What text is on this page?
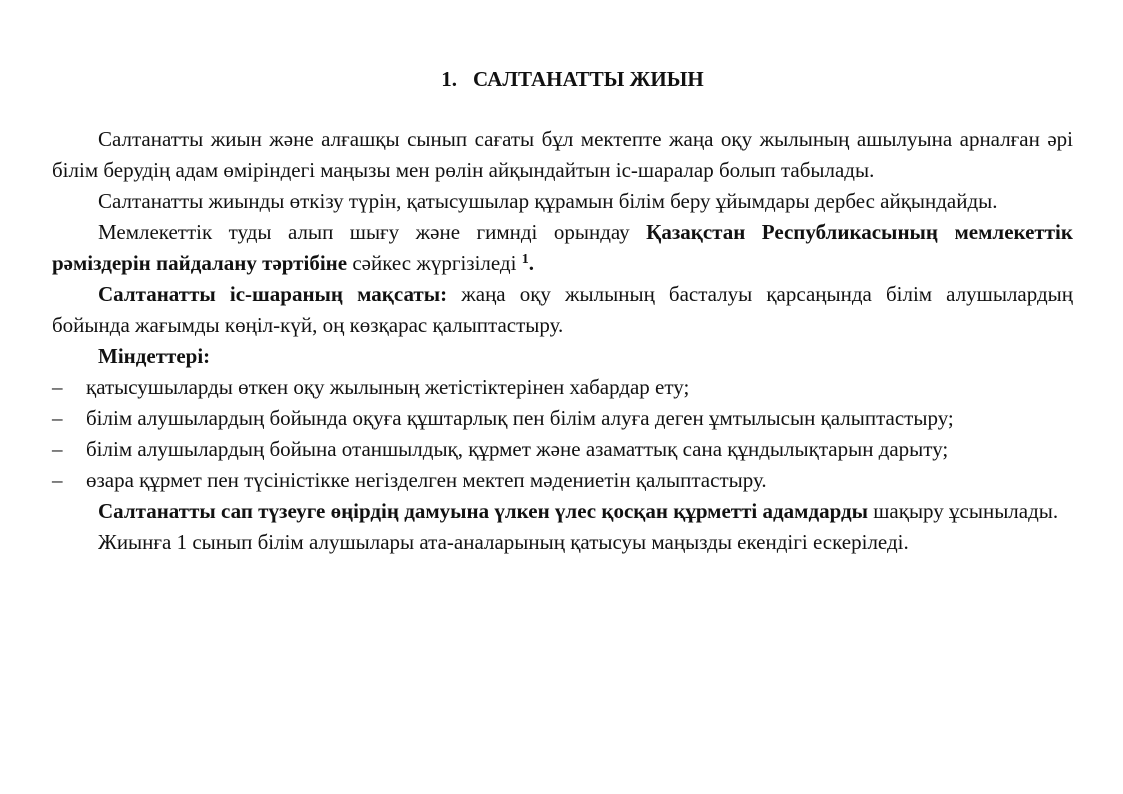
1. САЛТАНАТТЫ ЖИЫН

Салтанатты жиын және алғашқы сынып сағаты бұл мектепте жаңа оқу жылының ашылуына арналған әрі білім берудің адам өміріндегі маңызы мен рөлін айқындайтын іс-шаралар болып табылады.

Салтанатты жиынды өткізу түрін, қатысушылар құрамын білім беру ұйымдары дербес айқындайды.

Мемлекеттік туды алып шығу және гимнді орындау Қазақстан Республикасының мемлекеттік рәміздерін пайдалану тәртібіне сәйкес жүргізіледі $^1$.

Салтанатты іс-шараның мақсаты: жаңа оқу жылының басталуы қарсаңында білім алушылардың бойында жағымды көңіл-күй, оң көзқарас қалыптастыру.

Міндеттері:

– қатысушыларды өткен оқу жылының жетістіктерінен хабардар ету;
– білім алушылардың бойында оқуға құштарлық пен білім алуға деген ұмтылысын қалыптастыру;
– білім алушылардың бойына отаншылдық, құрмет және азаматтық сана құндылықтарын дарыту;
– өзара құрмет пен түсіністікке негізделген мектеп мәдениетін қалыптастыру.

Салтанатты сап түзеуге өңірдің дамуына үлкен үлес қосқан құрметті адамдарды шақыру ұсынылады.

Жиынға 1 сынып білім алушылары ата-аналарының қатысуы маңызды екендігі ескеріледі.
